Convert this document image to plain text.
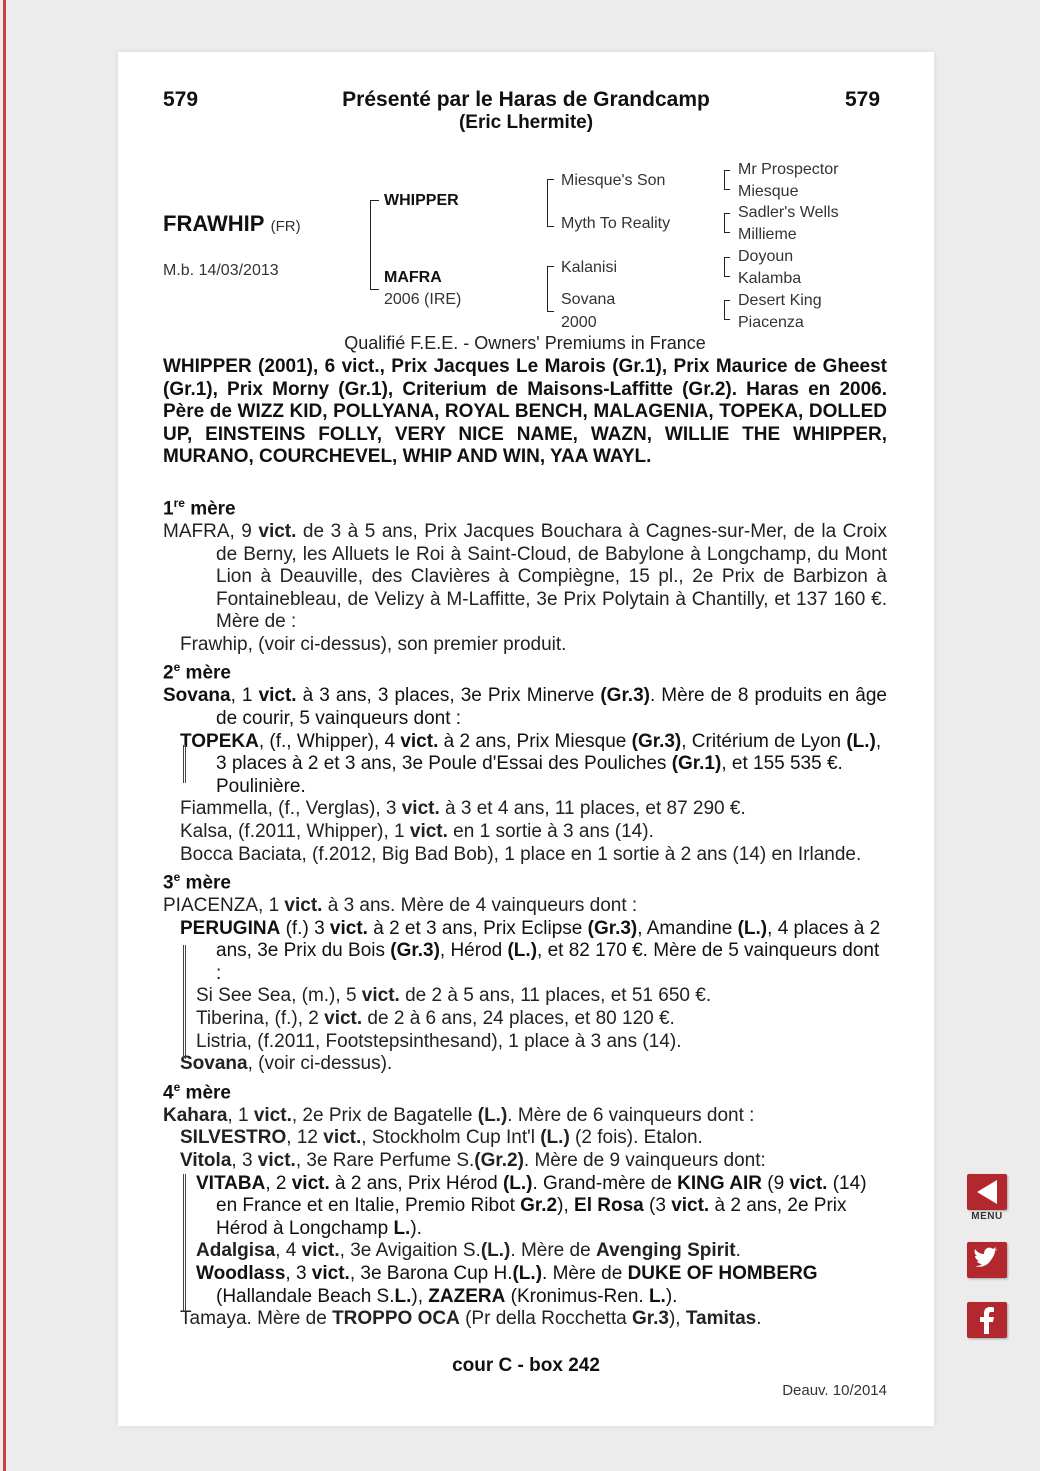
579	Présenté par le Haras de Grandcamp
(Eric Lhermite)
579
FRAWHIP (FR)
M.b. 14/03/2013
WHIPPER
MAFRA
2006 (IRE)
Miesque's Son
Myth To Reality
Kalanisi
Sovana
2000
Mr Prospector
Miesque
Sadler's Wells
Millieme
Doyoun
Kalamba
Desert King
Piacenza
Qualifié F.E.E. - Owners' Premiums in France
WHIPPER (2001), 6 vict., Prix Jacques Le Marois (Gr.1), Prix Maurice de Gheest (Gr.1), Prix Morny (Gr.1), Criterium de Maisons-Laffitte (Gr.2). Haras en 2006. Père de WIZZ KID, POLLYANA, ROYAL BENCH, MALAGENIA, TOPEKA, DOLLED UP, EINSTEINS FOLLY, VERY NICE NAME, WAZN, WILLIE THE WHIPPER, MURANO, COURCHEVEL, WHIP AND WIN, YAA WAYL.
1re mère
MAFRA, 9 vict. de 3 à 5 ans, Prix Jacques Bouchara à Cagnes-sur-Mer, de la Croix de Berny, les Alluets le Roi à Saint-Cloud, de Babylone à Longchamp, du Mont Lion à Deauville, des Clavières à Compiègne, 15 pl., 2e Prix de Barbizon à Fontainebleau, de Velizy à M-Laffitte, 3e Prix Polytain à Chantilly, et 137 160 €. Mère de :
Frawhip, (voir ci-dessus), son premier produit.
2e mère
Sovana, 1 vict. à 3 ans, 3 places, 3e Prix Minerve (Gr.3). Mère de 8 produits en âge de courir, 5 vainqueurs dont :
TOPEKA, (f., Whipper), 4 vict. à 2 ans, Prix Miesque (Gr.3), Critérium de Lyon (L.), 3 places à 2 et 3 ans, 3e Poule d'Essai des Pouliches (Gr.1), et 155 535 €. Poulinière.
Fiammella, (f., Verglas), 3 vict. à 3 et 4 ans, 11 places, et 87 290 €.
Kalsa, (f.2011, Whipper), 1 vict. en 1 sortie à 3 ans (14).
Bocca Baciata, (f.2012, Big Bad Bob), 1 place en 1 sortie à 2 ans (14) en Irlande.
3e mère
PIACENZA, 1 vict. à 3 ans. Mère de 4 vainqueurs dont :
PERUGINA (f.) 3 vict. à 2 et 3 ans, Prix Eclipse (Gr.3), Amandine (L.), 4 places à 2 ans, 3e Prix du Bois (Gr.3), Hérod (L.), et 82 170 €. Mère de 5 vainqueurs dont :
Si See Sea, (m.), 5 vict. de 2 à 5 ans, 11 places, et 51 650 €.
Tiberina, (f.), 2 vict. de 2 à 6 ans, 24 places, et 80 120 €.
Listria, (f.2011, Footstepsinthesand), 1 place à 3 ans (14).
Sovana, (voir ci-dessus).
4e mère
Kahara, 1 vict., 2e Prix de Bagatelle (L.). Mère de 6 vainqueurs dont :
SILVESTRO, 12 vict., Stockholm Cup Int'l (L.) (2 fois). Etalon.
Vitola, 3 vict., 3e Rare Perfume S.(Gr.2). Mère de 9 vainqueurs dont:
VITABA, 2 vict. à 2 ans, Prix Hérod (L.). Grand-mère de KING AIR (9 vict. (14) en France et en Italie, Premio Ribot Gr.2), El Rosa (3 vict. à 2 ans, 2e Prix Hérod à Longchamp L.).
Adalgisa, 4 vict., 3e Avigaition S.(L.). Mère de Avenging Spirit.
Woodlass, 3 vict., 3e Barona Cup H.(L.). Mère de DUKE OF HOMBERG (Hallandale Beach S.L.), ZAZERA (Kronimus-Ren. L.).
Tamaya. Mère de TROPPO OCA (Pr della Rocchetta Gr.3), Tamitas.
cour C - box 242
Deauv. 10/2014
MENU
